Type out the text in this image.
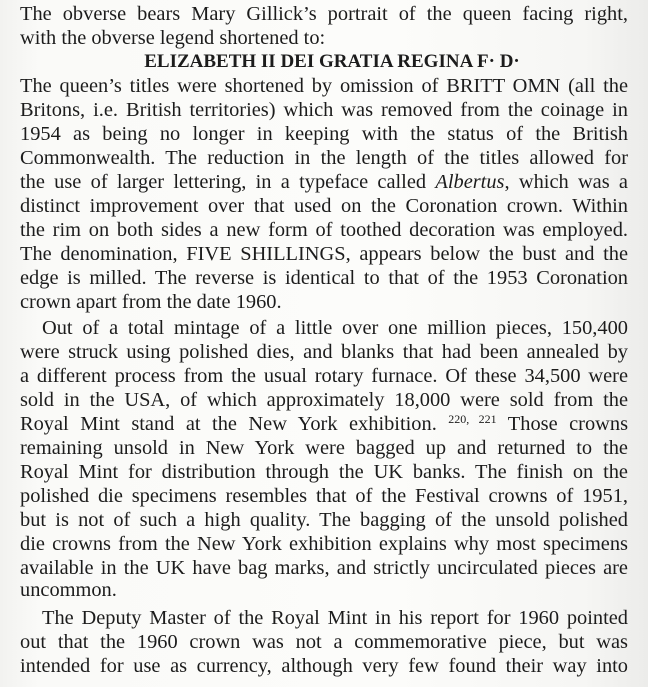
The obverse bears Mary Gillick’s portrait of the queen facing right,
with the obverse legend shortened to:
ELIZABETH II DEI GRATIA REGINA F· D·
The queen’s titles were shortened by omission of BRITT OMN (all the
Britons, i.e. British territories) which was removed from the coinage in
1954 as being no longer in keeping with the status of the British
Commonwealth. The reduction in the length of the titles allowed for
the use of larger lettering, in a typeface called Albertus, which was a
distinct improvement over that used on the Coronation crown. Within
the rim on both sides a new form of toothed decoration was employed.
The denomination, FIVE SHILLINGS, appears below the bust and the
edge is milled. The reverse is identical to that of the 1953 Coronation
crown apart from the date 1960.
Out of a total mintage of a little over one million pieces, 150,400
were struck using polished dies, and blanks that had been annealed by
a different process from the usual rotary furnace. Of these 34,500 were
sold in the USA, of which approximately 18,000 were sold from the
Royal Mint stand at the New York exhibition. $^{220, 221}$ Those crowns
remaining unsold in New York were bagged up and returned to the
Royal Mint for distribution through the UK banks. The finish on the
polished die specimens resembles that of the Festival crowns of 1951,
but is not of such a high quality. The bagging of the unsold polished
die crowns from the New York exhibition explains why most specimens
available in the UK have bag marks, and strictly uncirculated pieces are
uncommon.
The Deputy Master of the Royal Mint in his report for 1960 pointed
out that the 1960 crown was not a commemorative piece, but was
intended for use as currency, although very few found their way into
